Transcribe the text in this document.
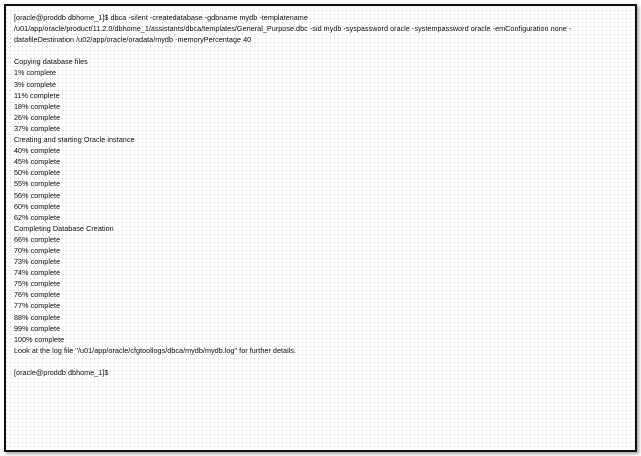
[oracle@proddb dbhome_1]$ dbca -silent -createdatabase -gdbname mydb -templatename
/u01/app/oracle/product/11.2.0/dbhome_1/assistants/dbca/templates/General_Purpose.dbc -sid mydb -syspassword oracle -systempassword oracle -emConfiguration none -datafileDestination /u02/app/oracle/oradata/mydb -memoryPercentage 40
Copying database files
1% complete
3% complete
11% complete
18% complete
26% complete
37% complete
Creating and starting Oracle instance
40% complete
45% complete
50% complete
55% complete
56% complete
60% complete
62% complete
Completing Database Creation
66% complete
70% complete
73% complete
74% complete
75% complete
76% complete
77% complete
88% complete
99% complete
100% complete
Look at the log file "/u01/app/oracle/cfgtoollogs/dbca/mydb/mydb.log" for further details.
[oracle@proddb dbhome_1]$
